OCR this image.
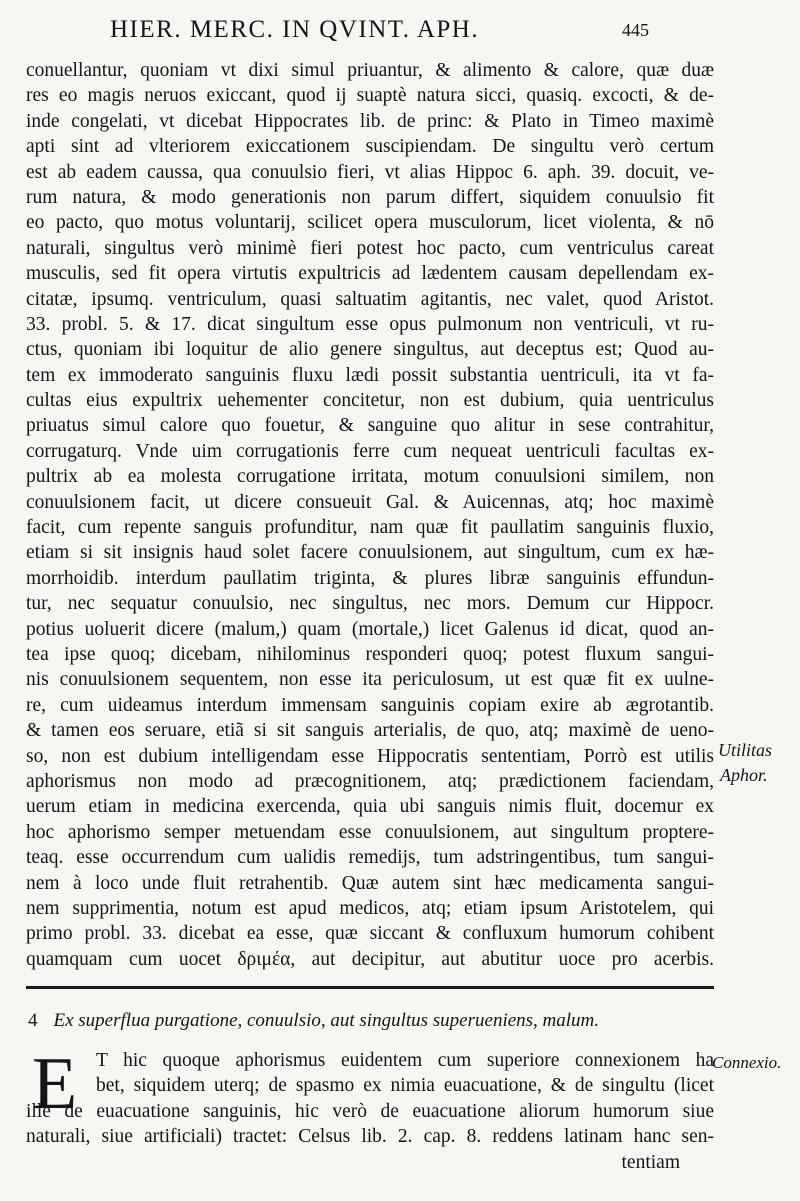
HIER. MERC. IN QVINT. APH.	445
conuellantur, quoniam vt dixi simul priuantur, & alimento & calore, quæ duæ
res eo magis neruos exiccant, quod ij suaptè natura sicci, quasiq. excocti, & de-
inde congelati, vt dicebat Hippocrates lib. de princ: & Plato in Timeo maximè
apti sint ad vlteriorem exiccationem suscipiendam. De singultu verò certum
est ab eadem caussa, qua conuulsio fieri, vt alias Hippoc 6. aph. 39. docuit, ve-
rum natura, & modo generationis non parum differt, siquidem conuulsio fit
eo pacto, quo motus voluntarij, scilicet opera musculorum, licet violenta, & nō
naturali, singultus verò minimè fieri potest hoc pacto, cum ventriculus careat
musculis, sed fit opera virtutis expultricis ad lædentem causam depellendam ex-
citatæ, ipsumq. ventriculum, quasi saltuatim agitantis, nec valet, quod Aristot.
33. probl. 5. & 17. dicat singultum esse opus pulmonum non ventriculi, vt ru-
ctus, quoniam ibi loquitur de alio genere singultus, aut deceptus est; Quod au-
tem ex immoderato sanguinis fluxu lædi possit substantia uentriculi, ita vt fa-
cultas eius expultrix uehementer concitetur, non est dubium, quia uentriculus
priuatus simul calore quo fouetur, & sanguine quo alitur in sese contrahitur,
corrugaturq. Vnde uim corrugationis ferre cum nequeat uentriculi facultas ex-
pultrix ab ea molesta corrugatione irritata, motum conuulsioni similem, non
conuulsionem facit, ut dicere consueuit Gal. & Auicennas, atq; hoc maximè
facit, cum repente sanguis profunditur, nam quæ fit paullatim sanguinis fluxio,
etiam si sit insignis haud solet facere conuulsionem, aut singultum, cum ex hæ-
morrhoidib. interdum paullatim triginta, & plures libræ sanguinis effundun-
tur, nec sequatur conuulsio, nec singultus, nec mors. Demum cur Hippocr.
potius uoluerit dicere (malum,) quam (mortale,) licet Galenus id dicat, quod an-
tea ipse quoq; dicebam, nihilominus responderi quoq; potest fluxum sangui-
nis conuulsionem sequentem, non esse ita periculosum, ut est quæ fit ex uulne-
re, cum uideamus interdum immensam sanguinis copiam exire ab ægrotantib.
& tamen eos seruare, etiã si sit sanguis arterialis, de quo, atq; maximè de ueno-
so, non est dubium intelligendam esse Hippocratis sententiam, Porrò est utilis
aphorismus non modo ad præcognitionem, atq; prædictionem faciendam,
uerum etiam in medicina exercenda, quia ubi sanguis nimis fluit, docemur ex
hoc aphorismo semper metuendam esse conuulsionem, aut singultum proptere-
teaq. esse occurrendum cum ualidis remedijs, tum adstringentibus, tum sangui-
nem à loco unde fluit retrahentib. Quæ autem sint hæc medicamenta sangui-
nem supprimentia, notum est apud medicos, atq; etiam ipsum Aristotelem, qui
primo probl. 33. dicebat ea esse, quæ siccant & confluxum humorum cohibent
quamquam cum uocet δριμέα, aut decipitur, aut abutitur uoce pro acerbis.
Utilitas
Aphor.
4 Ex superflua purgatione, conuulsio, aut singultus superueniens, malum.
Connexio.
E T hic quoque aphorismus euidentem cum superiore connexionem ha
bet, siquidem uterq; de spasmo ex nimia euacuatione, & de singultu (licet
ille de euacuatione sanguinis, hic verò de euacuatione aliorum humorum siue
naturali, siue artificiali) tractet: Celsus lib. 2. cap. 8. reddens latinam hanc sen-
tentiam
